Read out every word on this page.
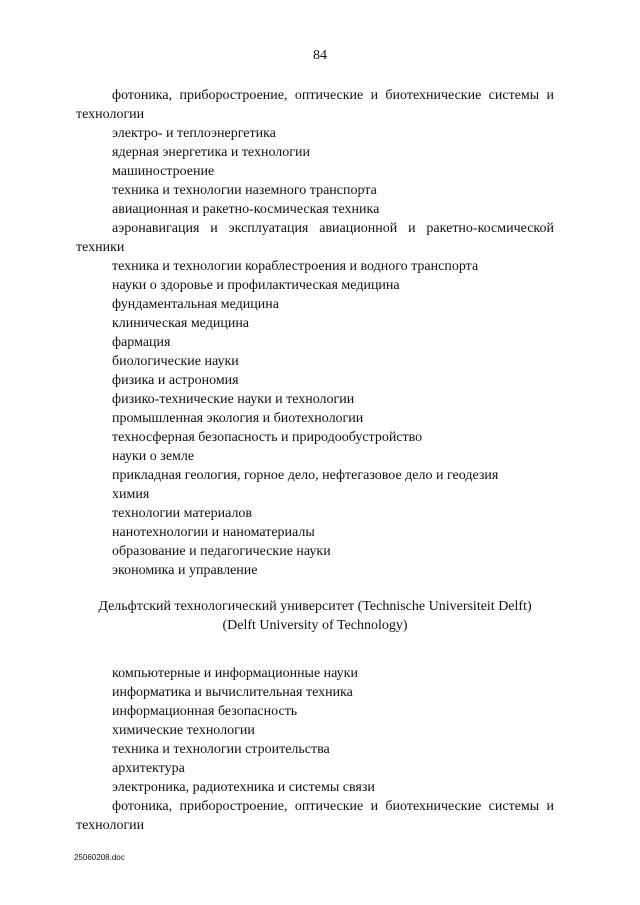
84

фотоника, приборостроение, оптические и биотехнические системы и технологии

электро- и теплоэнергетика

ядерная энергетика и технологии

машиностроение

техника и технологии наземного транспорта

авиационная и ракетно-космическая техника

аэронавигация и эксплуатация авиационной и ракетно-космической техники

техника и технологии кораблестроения и водного транспорта

науки о здоровье и профилактическая медицина

фундаментальная медицина

клиническая медицина

фармация

биологические науки

физика и астрономия

физико-технические науки и технологии

промышленная экология и биотехнологии

техносферная безопасность и природообустройство

науки о земле

прикладная геология, горное дело, нефтегазовое дело и геодезия

химия

технологии материалов

нанотехнологии и наноматериалы

образование и педагогические науки

экономика и управление

Дельфтский технологический университет (Technische Universiteit Delft)

(Delft University of Technology)

компьютерные и информационные науки

информатика и вычислительная техника

информационная безопасность

химические технологии

техника и технологии строительства

архитектура

электроника, радиотехника и системы связи

фотоника, приборостроение, оптические и биотехнические системы и технологии

25060208.doc
